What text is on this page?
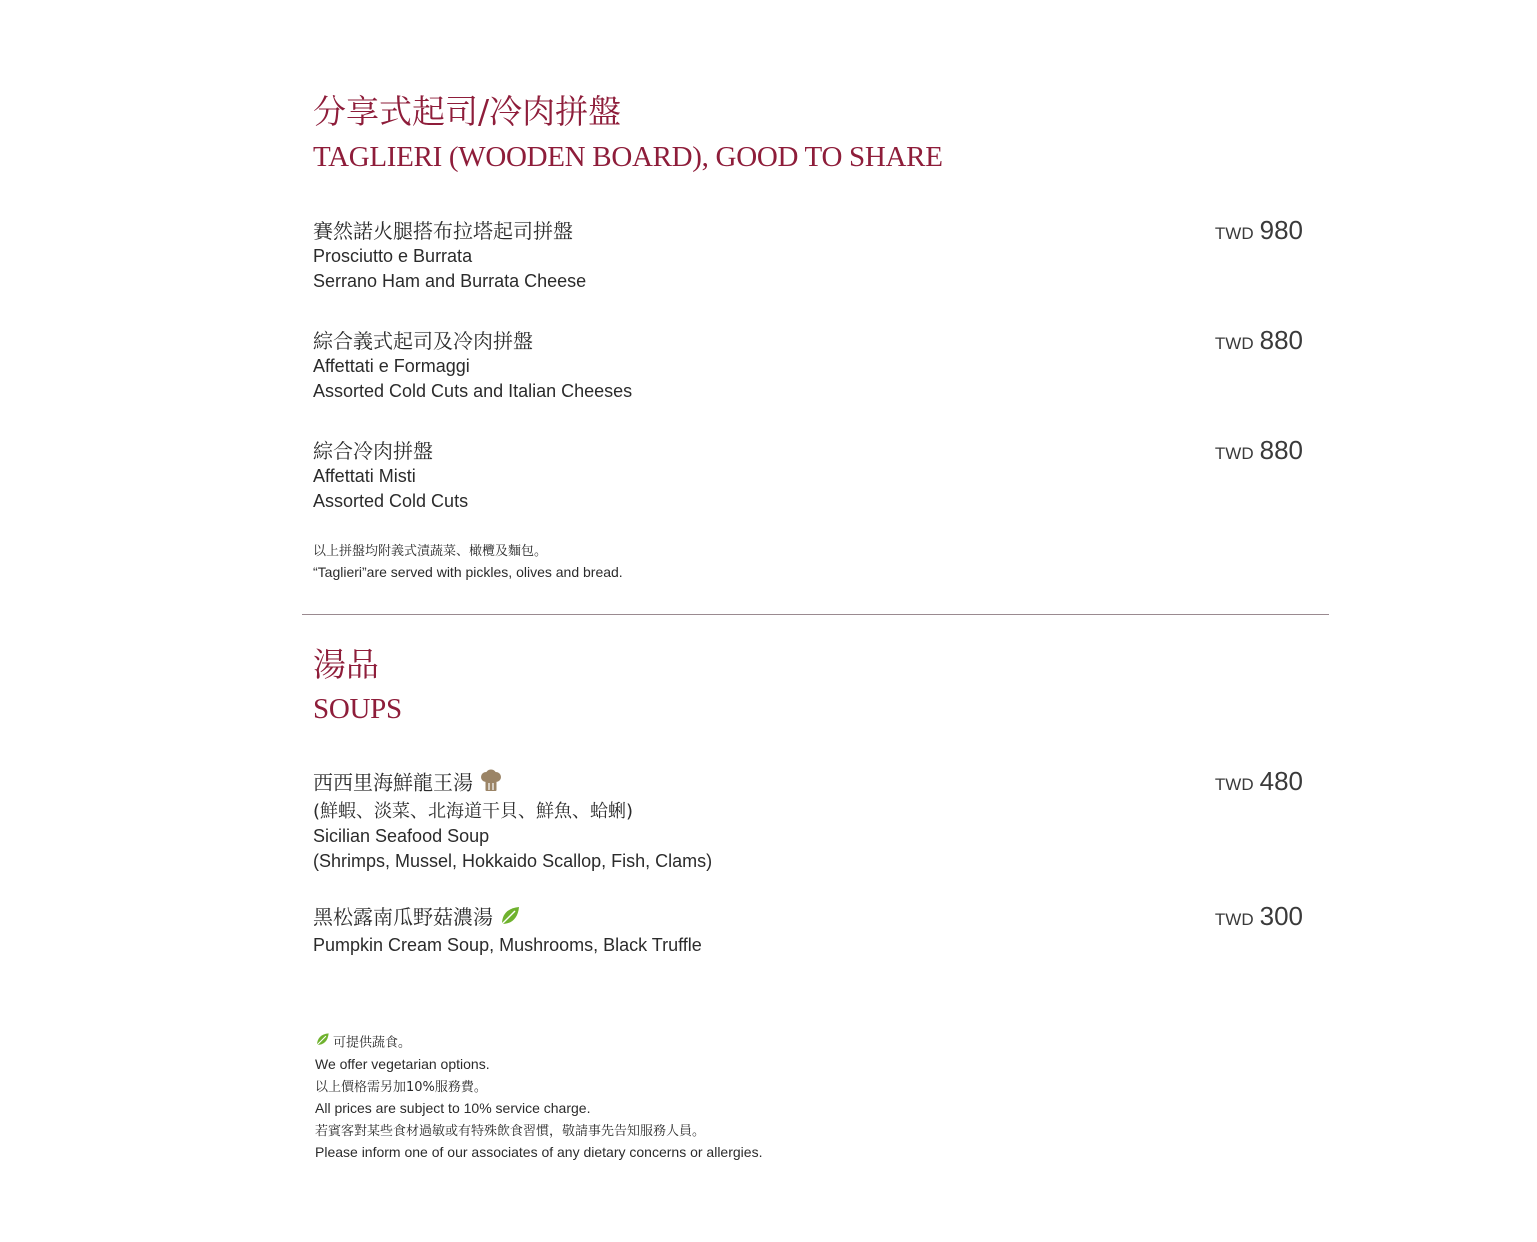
分享式起司/冷肉拼盤
TAGLIERI (WOODEN BOARD), GOOD TO SHARE
賽然諾火腿搭布拉塔起司拼盤
Prosciutto e Burrata
Serrano Ham and Burrata Cheese
TWD 980
綜合義式起司及冷肉拼盤
Affettati e Formaggi
Assorted Cold Cuts and Italian Cheeses
TWD 880
綜合冷肉拼盤
Affettati Misti
Assorted Cold Cuts
TWD 880
以上拼盤均附義式漬蔬菜、橄欖及麵包。
“Taglieri”are served with pickles, olives and bread.
湯品
SOUPS
西西里海鮮龍王湯
(鮮蝦、淡菜、北海道干貝、鮮魚、蛤蜊)
Sicilian Seafood Soup
(Shrimps, Mussel, Hokkaido Scallop, Fish, Clams)
TWD 480
黑松露南瓜野菇濃湯
Pumpkin Cream Soup, Mushrooms, Black Truffle
TWD 300
可提供蔬食。
We offer vegetarian options.
以上價格需另加10%服務費。
All prices are subject to 10% service charge.
若賓客對某些食材過敏或有特殊飲食習慣，敬請事先告知服務人員。
Please inform one of our associates of any dietary concerns or allergies.
